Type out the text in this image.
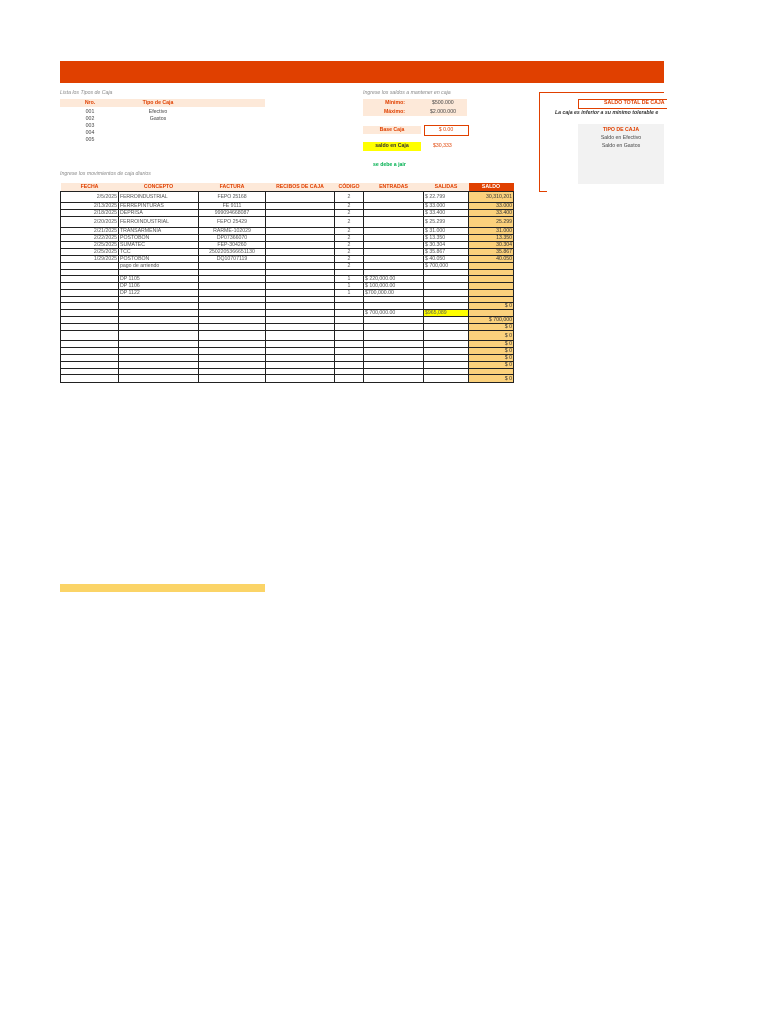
Lista los Tipos de Caja
Nro.	Tipo de Caja
001	Efectivo
002	Gastos
003
004
005
Ingrese los saldos a mantener en caja
Mínimo:	$500.000
Máximo:	$2.000.000
Base Caja	$ 0.00
saldo en Caja	$30,333
se debe a jair
SALDO TOTAL DE CAJA
La caja es inferior a su mínimo tolerable e
TIPO DE CAJA
Saldo en Efectivo
Saldo en Gastos
Ingrese los movimientos de caja diarios
FECHA	CONCEPTO	FACTURA	RECIBOS DE CAJA	CÓDIGO	ENTRADAS	SALIDAS	SALDO
2/5/2025	FERROINDUSTRIAL	FEPO 25168		2		$ 22.799	30,310,201
2/13/2025	FERREPINTURAS	FE 9111		2		$ 33.000	33.000
2/18/2025	DEPRISA	999094668087		2		$ 33.400	33.400
2/20/2025	FERROINDUSTRIAL	FEPO 25429		2		$ 25.299	25.299
2/21/2025	TRANSARMENIA	RARME-102029		2		$ 31.000	31.000
2/22/2025	POSTOBON	DP07366070		2		$ 13.350	13.350
2/25/2025	SUMATEC	FEP-304260		2		$ 30.304	30.304
2/25/2025	TCC	250220536665113​0		2		$ 35.867	35.867
1/29/2025	POSTOBON	DQ10707119		2		$ 40.050	40.050
	pago de arriendo			2		$ 700,000	

	DP 1105			1	$ 220,000.00		
	DP 1106			1	$ 100,000.00		
	DP 1122			1	$700,000.00		

							$ 0
					$ 700,000.00	$965,089	
							$ 700,000
							$ 0
							$ 0
							$ 0
							$ 0
							$ 0
							$ 0

							$ 0
